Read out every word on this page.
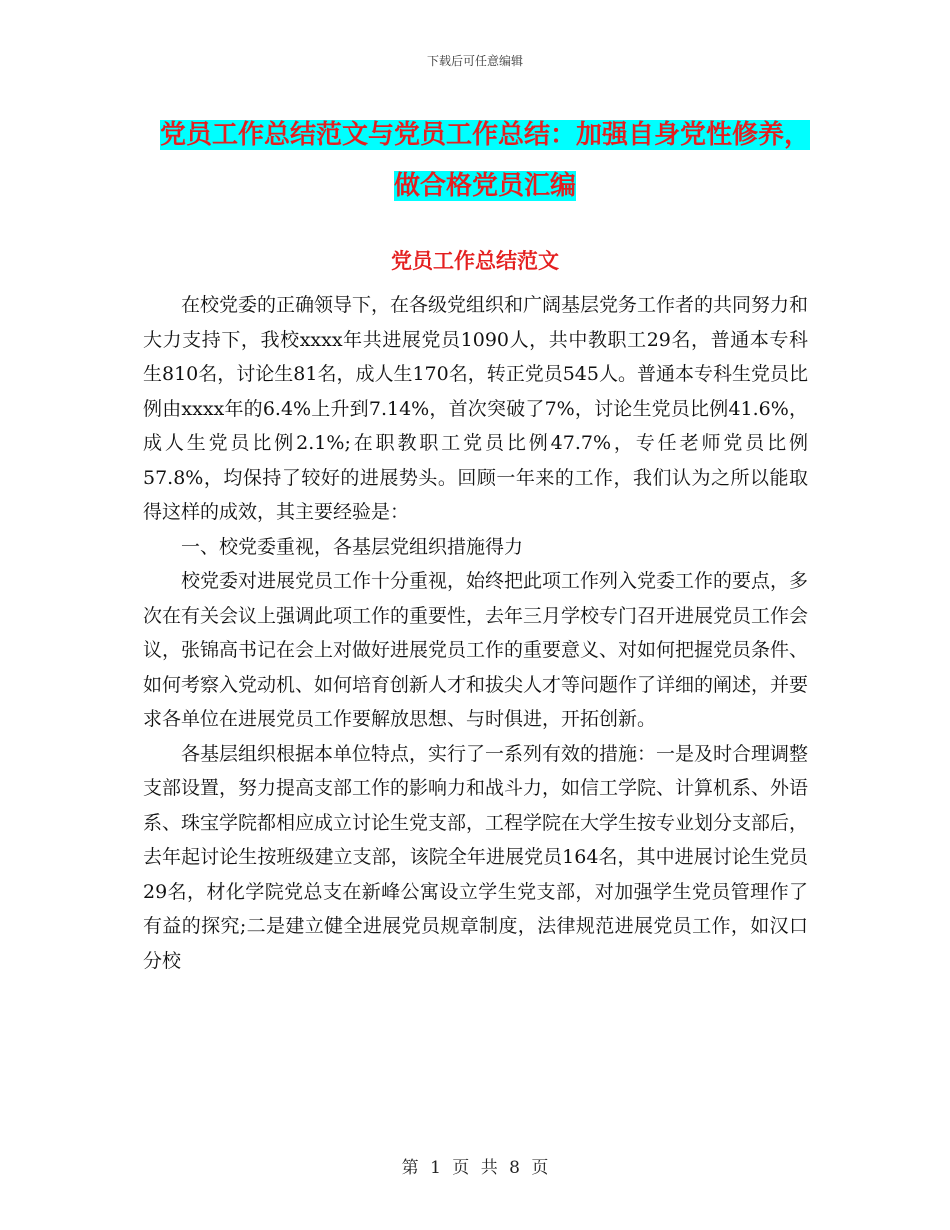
下载后可任意编辑
党员工作总结范文与党员工作总结：加强自身党性修养，做合格党员汇编
党员工作总结范文

在校党委的正确领导下，在各级党组织和广阔基层党务工作者的共同努力和大力支持下，我校xxxx年共进展党员1090人，共中教职工29名，普通本专科生810名，讨论生81名，成人生170名，转正党员545人。普通本专科生党员比例由xxxx年的6.4%上升到7.14%，首次突破了7%，讨论生党员比例41.6%，成人生党员比例2.1%;在职教职工党员比例47.7%，专任老师党员比例57.8%，均保持了较好的进展势头。回顾一年来的工作，我们认为之所以能取得这样的成效，其主要经验是：

一、校党委重视，各基层党组织措施得力

校党委对进展党员工作十分重视，始终把此项工作列入党委工作的要点，多次在有关会议上强调此项工作的重要性，去年三月学校专门召开进展党员工作会议，张锦高书记在会上对做好进展党员工作的重要意义、对如何把握党员条件、如何考察入党动机、如何培育创新人才和拔尖人才等问题作了详细的阐述，并要求各单位在进展党员工作要解放思想、与时俱进，开拓创新。

各基层组织根据本单位特点，实行了一系列有效的措施：一是及时合理调整支部设置，努力提高支部工作的影响力和战斗力，如信工学院、计算机系、外语系、珠宝学院都相应成立讨论生党支部，工程学院在大学生按专业划分支部后，去年起讨论生按班级建立支部，该院全年进展党员164名，其中进展讨论生党员29名，材化学院党总支在新峰公寓设立学生党支部，对加强学生党员管理作了有益的探究;二是建立健全进展党员规章制度，法律规范进展党员工作，如汉口分校

第 1 页 共 8 页
